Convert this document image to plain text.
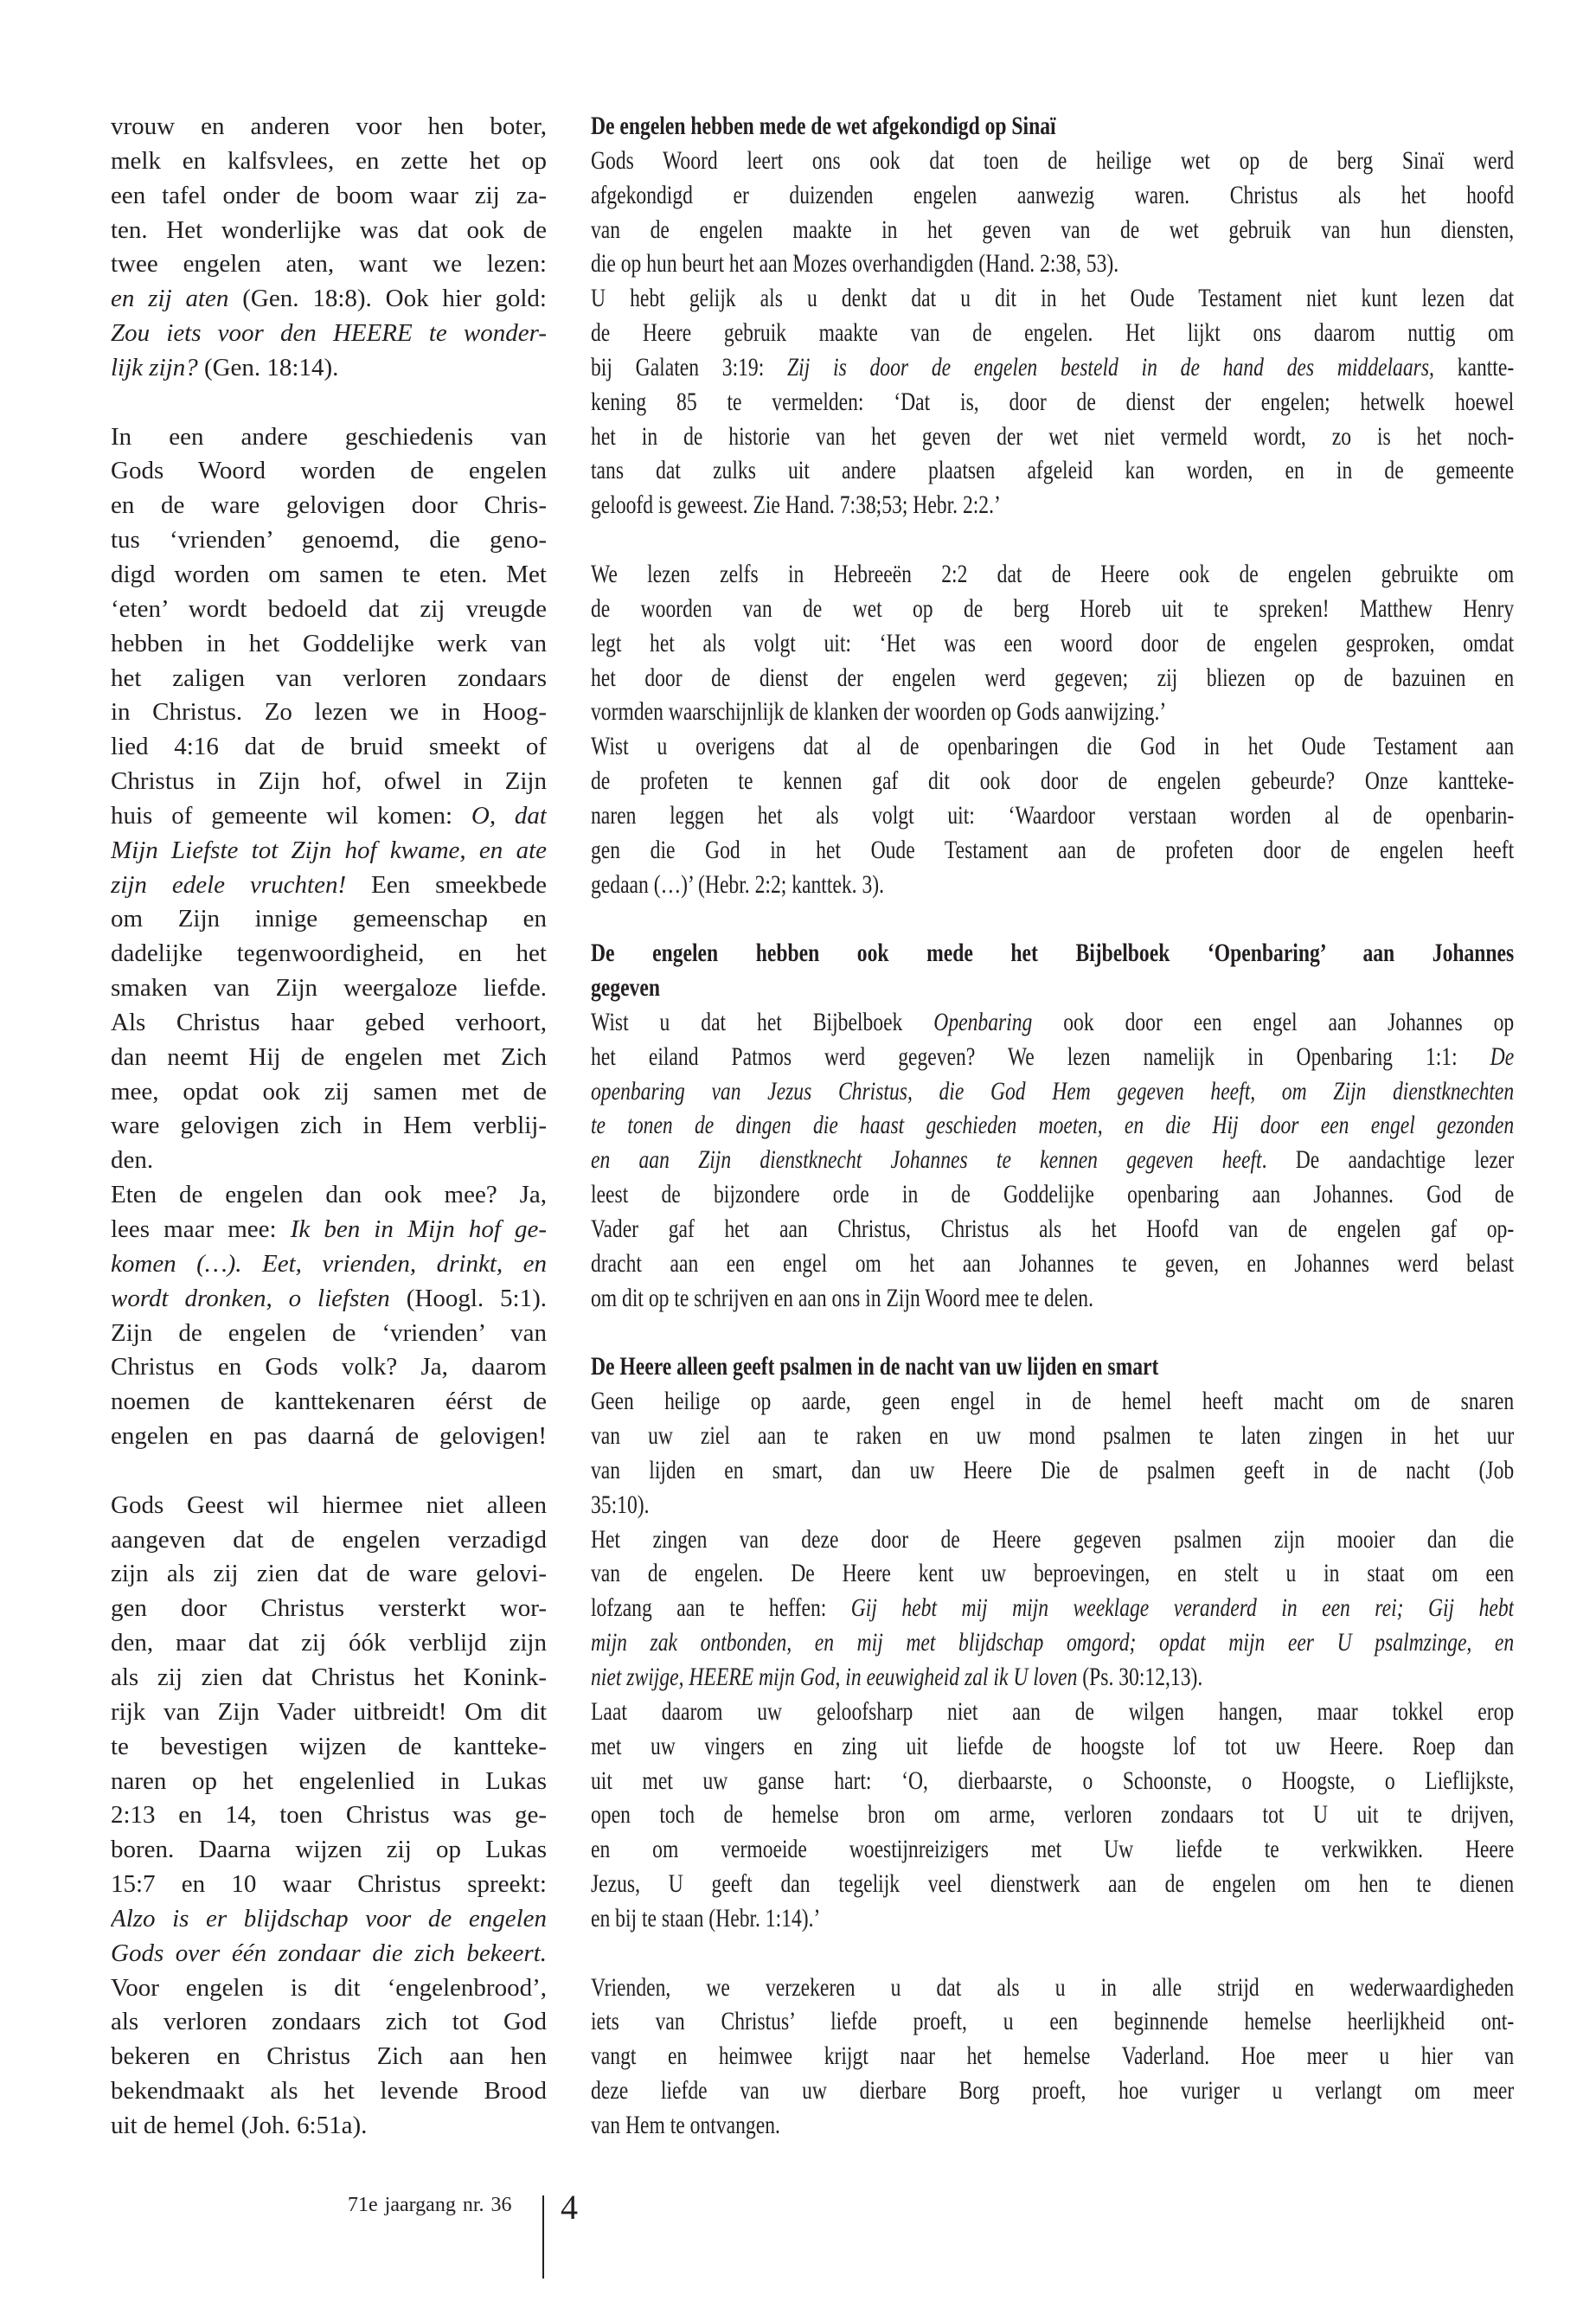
vrouw en anderen voor hen boter,
melk en kalfsvlees, en zette het op
een tafel onder de boom waar zij za-
ten. Het wonderlijke was dat ook de
twee engelen aten, want we lezen:
en zij aten (Gen. 18:8). Ook hier gold:
Zou iets voor den HEERE te wonder-
lijk zijn? (Gen. 18:14).
In een andere geschiedenis van
Gods Woord worden de engelen
en de ware gelovigen door Chris-
tus ‘vrienden’ genoemd, die geno-
digd worden om samen te eten. Met
‘eten’ wordt bedoeld dat zij vreugde
hebben in het Goddelijke werk van
het zaligen van verloren zondaars
in Christus. Zo lezen we in Hoog-
lied 4:16 dat de bruid smeekt of
Christus in Zijn hof, ofwel in Zijn
huis of gemeente wil komen: O, dat
Mijn Liefste tot Zijn hof kwame, en ate
zijn edele vruchten! Een smeekbede
om Zijn innige gemeenschap en
dadelijke tegenwoordigheid, en het
smaken van Zijn weergaloze liefde.
Als Christus haar gebed verhoort,
dan neemt Hij de engelen met Zich
mee, opdat ook zij samen met de
ware gelovigen zich in Hem verblij-
den.
Eten de engelen dan ook mee? Ja,
lees maar mee: Ik ben in Mijn hof ge-
komen (…). Eet, vrienden, drinkt, en
wordt dronken, o liefsten (Hoogl. 5:1).
Zijn de engelen de ‘vrienden’ van
Christus en Gods volk? Ja, daarom
noemen de kanttekenaren éérst de
engelen en pas daarná de gelovigen!
Gods Geest wil hiermee niet alleen
aangeven dat de engelen verzadigd
zijn als zij zien dat de ware gelovi-
gen door Christus versterkt wor-
den, maar dat zij óók verblijd zijn
als zij zien dat Christus het Konink-
rijk van Zijn Vader uitbreidt! Om dit
te bevestigen wijzen de kantteke-
naren op het engelenlied in Lukas
2:13 en 14, toen Christus was ge-
boren. Daarna wijzen zij op Lukas
15:7 en 10 waar Christus spreekt:
Alzo is er blijdschap voor de engelen
Gods over één zondaar die zich bekeert.
Voor engelen is dit ‘engelenbrood’,
als verloren zondaars zich tot God
bekeren en Christus Zich aan hen
bekendmaakt als het levende Brood
uit de hemel (Joh. 6:51a).
De engelen hebben mede de wet afgekondigd op Sinaï
Gods Woord leert ons ook dat toen de heilige wet op de berg Sinaï werd
afgekondigd er duizenden engelen aanwezig waren. Christus als het hoofd
van de engelen maakte in het geven van de wet gebruik van hun diensten,
die op hun beurt het aan Mozes overhandigden (Hand. 2:38, 53).
U hebt gelijk als u denkt dat u dit in het Oude Testament niet kunt lezen dat
de Heere gebruik maakte van de engelen. Het lijkt ons daarom nuttig om
bij Galaten 3:19: Zij is door de engelen besteld in de hand des middelaars, kantte-
kening 85 te vermelden: ‘Dat is, door de dienst der engelen; hetwelk hoewel
het in de historie van het geven der wet niet vermeld wordt, zo is het noch-
tans dat zulks uit andere plaatsen afgeleid kan worden, en in de gemeente
geloofd is geweest. Zie Hand. 7:38;53; Hebr. 2:2.’
We lezen zelfs in Hebreeën 2:2 dat de Heere ook de engelen gebruikte om
de woorden van de wet op de berg Horeb uit te spreken! Matthew Henry
legt het als volgt uit: ‘Het was een woord door de engelen gesproken, omdat
het door de dienst der engelen werd gegeven; zij bliezen op de bazuinen en
vormden waarschijnlijk de klanken der woorden op Gods aanwijzing.’
Wist u overigens dat al de openbaringen die God in het Oude Testament aan
de profeten te kennen gaf dit ook door de engelen gebeurde? Onze kantteke-
naren leggen het als volgt uit: ‘Waardoor verstaan worden al de openbarin-
gen die God in het Oude Testament aan de profeten door de engelen heeft
gedaan (…)’ (Hebr. 2:2; kanttek. 3).
De engelen hebben ook mede het Bijbelboek ‘Openbaring’ aan Johannes
gegeven
Wist u dat het Bijbelboek Openbaring ook door een engel aan Johannes op
het eiland Patmos werd gegeven? We lezen namelijk in Openbaring 1:1: De
openbaring van Jezus Christus, die God Hem gegeven heeft, om Zijn dienstknechten
te tonen de dingen die haast geschieden moeten, en die Hij door een engel gezonden
en aan Zijn dienstknecht Johannes te kennen gegeven heeft. De aandachtige lezer
leest de bijzondere orde in de Goddelijke openbaring aan Johannes. God de
Vader gaf het aan Christus, Christus als het Hoofd van de engelen gaf op-
dracht aan een engel om het aan Johannes te geven, en Johannes werd belast
om dit op te schrijven en aan ons in Zijn Woord mee te delen.
De Heere alleen geeft psalmen in de nacht van uw lijden en smart
Geen heilige op aarde, geen engel in de hemel heeft macht om de snaren
van uw ziel aan te raken en uw mond psalmen te laten zingen in het uur
van lijden en smart, dan uw Heere Die de psalmen geeft in de nacht (Job
35:10).
Het zingen van deze door de Heere gegeven psalmen zijn mooier dan die
van de engelen. De Heere kent uw beproevingen, en stelt u in staat om een
lofzang aan te heffen: Gij hebt mij mijn weeklage veranderd in een rei; Gij hebt
mijn zak ontbonden, en mij met blijdschap omgord; opdat mijn eer U psalmzinge, en
niet zwijge, HEERE mijn God, in eeuwigheid zal ik U loven (Ps. 30:12,13).
Laat daarom uw geloofsharp niet aan de wilgen hangen, maar tokkel erop
met uw vingers en zing uit liefde de hoogste lof tot uw Heere. Roep dan
uit met uw ganse hart: ‘O, dierbaarste, o Schoonste, o Hoogste, o Lieflijkste,
open toch de hemelse bron om arme, verloren zondaars tot U uit te drijven,
en om vermoeide woestijnreizigers met Uw liefde te verkwikken. Heere
Jezus, U geeft dan tegelijk veel dienstwerk aan de engelen om hen te dienen
en bij te staan (Hebr. 1:14).’
Vrienden, we verzekeren u dat als u in alle strijd en wederwaardigheden
iets van Christus’ liefde proeft, u een beginnende hemelse heerlijkheid ont-
vangt en heimwee krijgt naar het hemelse Vaderland. Hoe meer u hier van
deze liefde van uw dierbare Borg proeft, hoe vuriger u verlangt om meer
van Hem te ontvangen.
71e jaargang nr. 36 4
